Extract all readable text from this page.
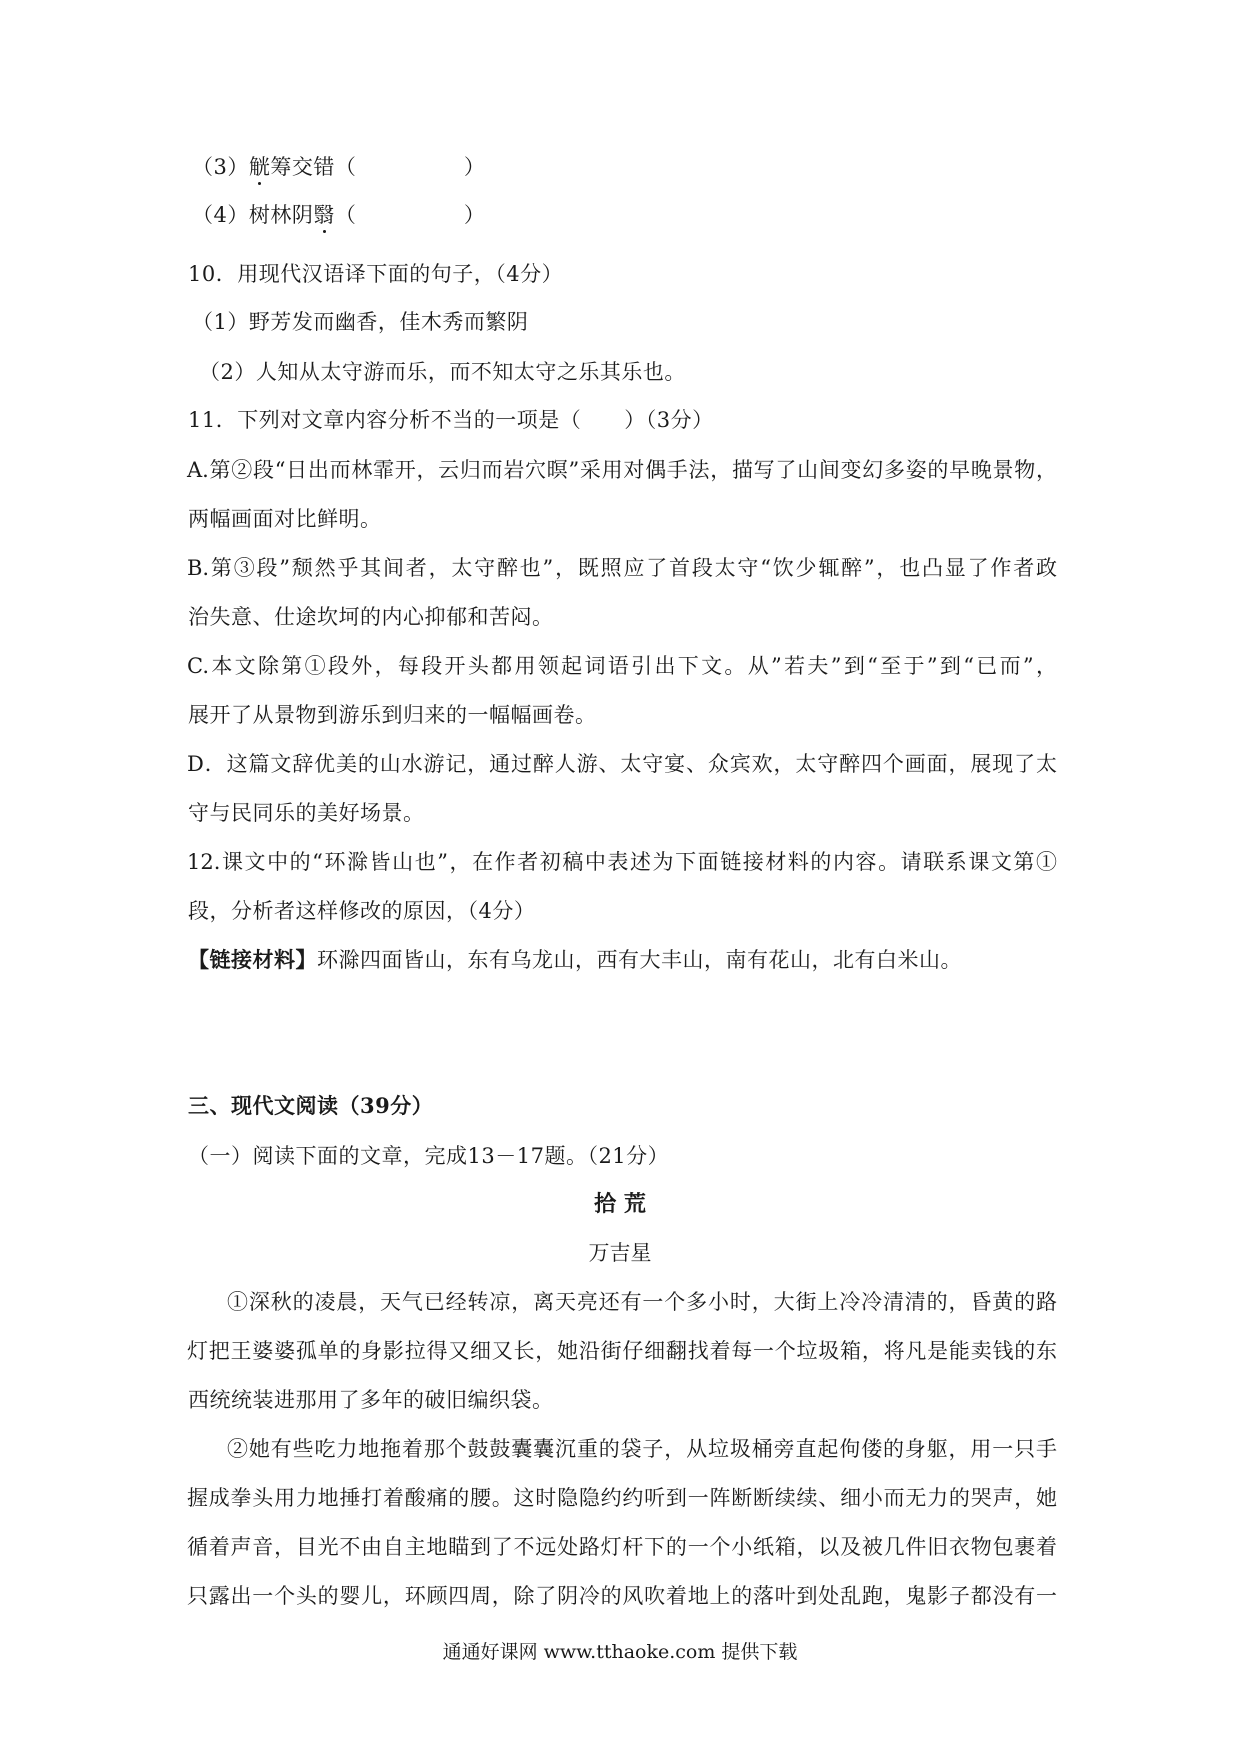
（3）觥筹交错（　　　　　）
（4）树林阴翳（　　　　　）
10．用现代汉语译下面的句子，（4分）
（1）野芳发而幽香，佳木秀而繁阴
（2）人知从太守游而乐，而不知太守之乐其乐也。
11．下列对文章内容分析不当的一项是（　　）（3分）
A.第②段“日出而林霏开，云归而岩穴暝”采用对偶手法，描写了山间变幻多姿的早晚景物，
两幅画面对比鲜明。
B.第③段”颓然乎其间者，太守醉也”，既照应了首段太守“饮少辄醉”，也凸显了作者政
治失意、仕途坎坷的内心抑郁和苦闷。
C.本文除第①段外，每段开头都用领起词语引出下文。从”若夫”到“至于”到“已而”，
展开了从景物到游乐到归来的一幅幅画卷。
D．这篇文辞优美的山水游记，通过醉人游、太守宴、众宾欢，太守醉四个画面，展现了太
守与民同乐的美好场景。
12.课文中的“环滁皆山也”，在作者初稿中表述为下面链接材料的内容。请联系课文第①
段，分析者这样修改的原因，（4分）
【链接材料】环滁四面皆山，东有乌龙山，西有大丰山，南有花山，北有白米山。
三、现代文阅读（39分）
（一）阅读下面的文章，完成13－17题。（21分）
拾 荒
万吉星
①深秋的凌晨，天气已经转凉，离天亮还有一个多小时，大街上冷冷清清的，昏黄的路
灯把王婆婆孤单的身影拉得又细又长，她沿街仔细翻找着每一个垃圾箱，将凡是能卖钱的东
西统统装进那用了多年的破旧编织袋。
②她有些吃力地拖着那个鼓鼓囊囊沉重的袋子，从垃圾桶旁直起佝偻的身躯，用一只手
握成拳头用力地捶打着酸痛的腰。这时隐隐约约听到一阵断断续续、细小而无力的哭声，她
循着声音，目光不由自主地瞄到了不远处路灯杆下的一个小纸箱，以及被几件旧衣物包裹着
只露出一个头的婴儿，环顾四周，除了阴冷的风吹着地上的落叶到处乱跑，鬼影子都没有一
通通好课网 www.tthaoke.com 提供下载
